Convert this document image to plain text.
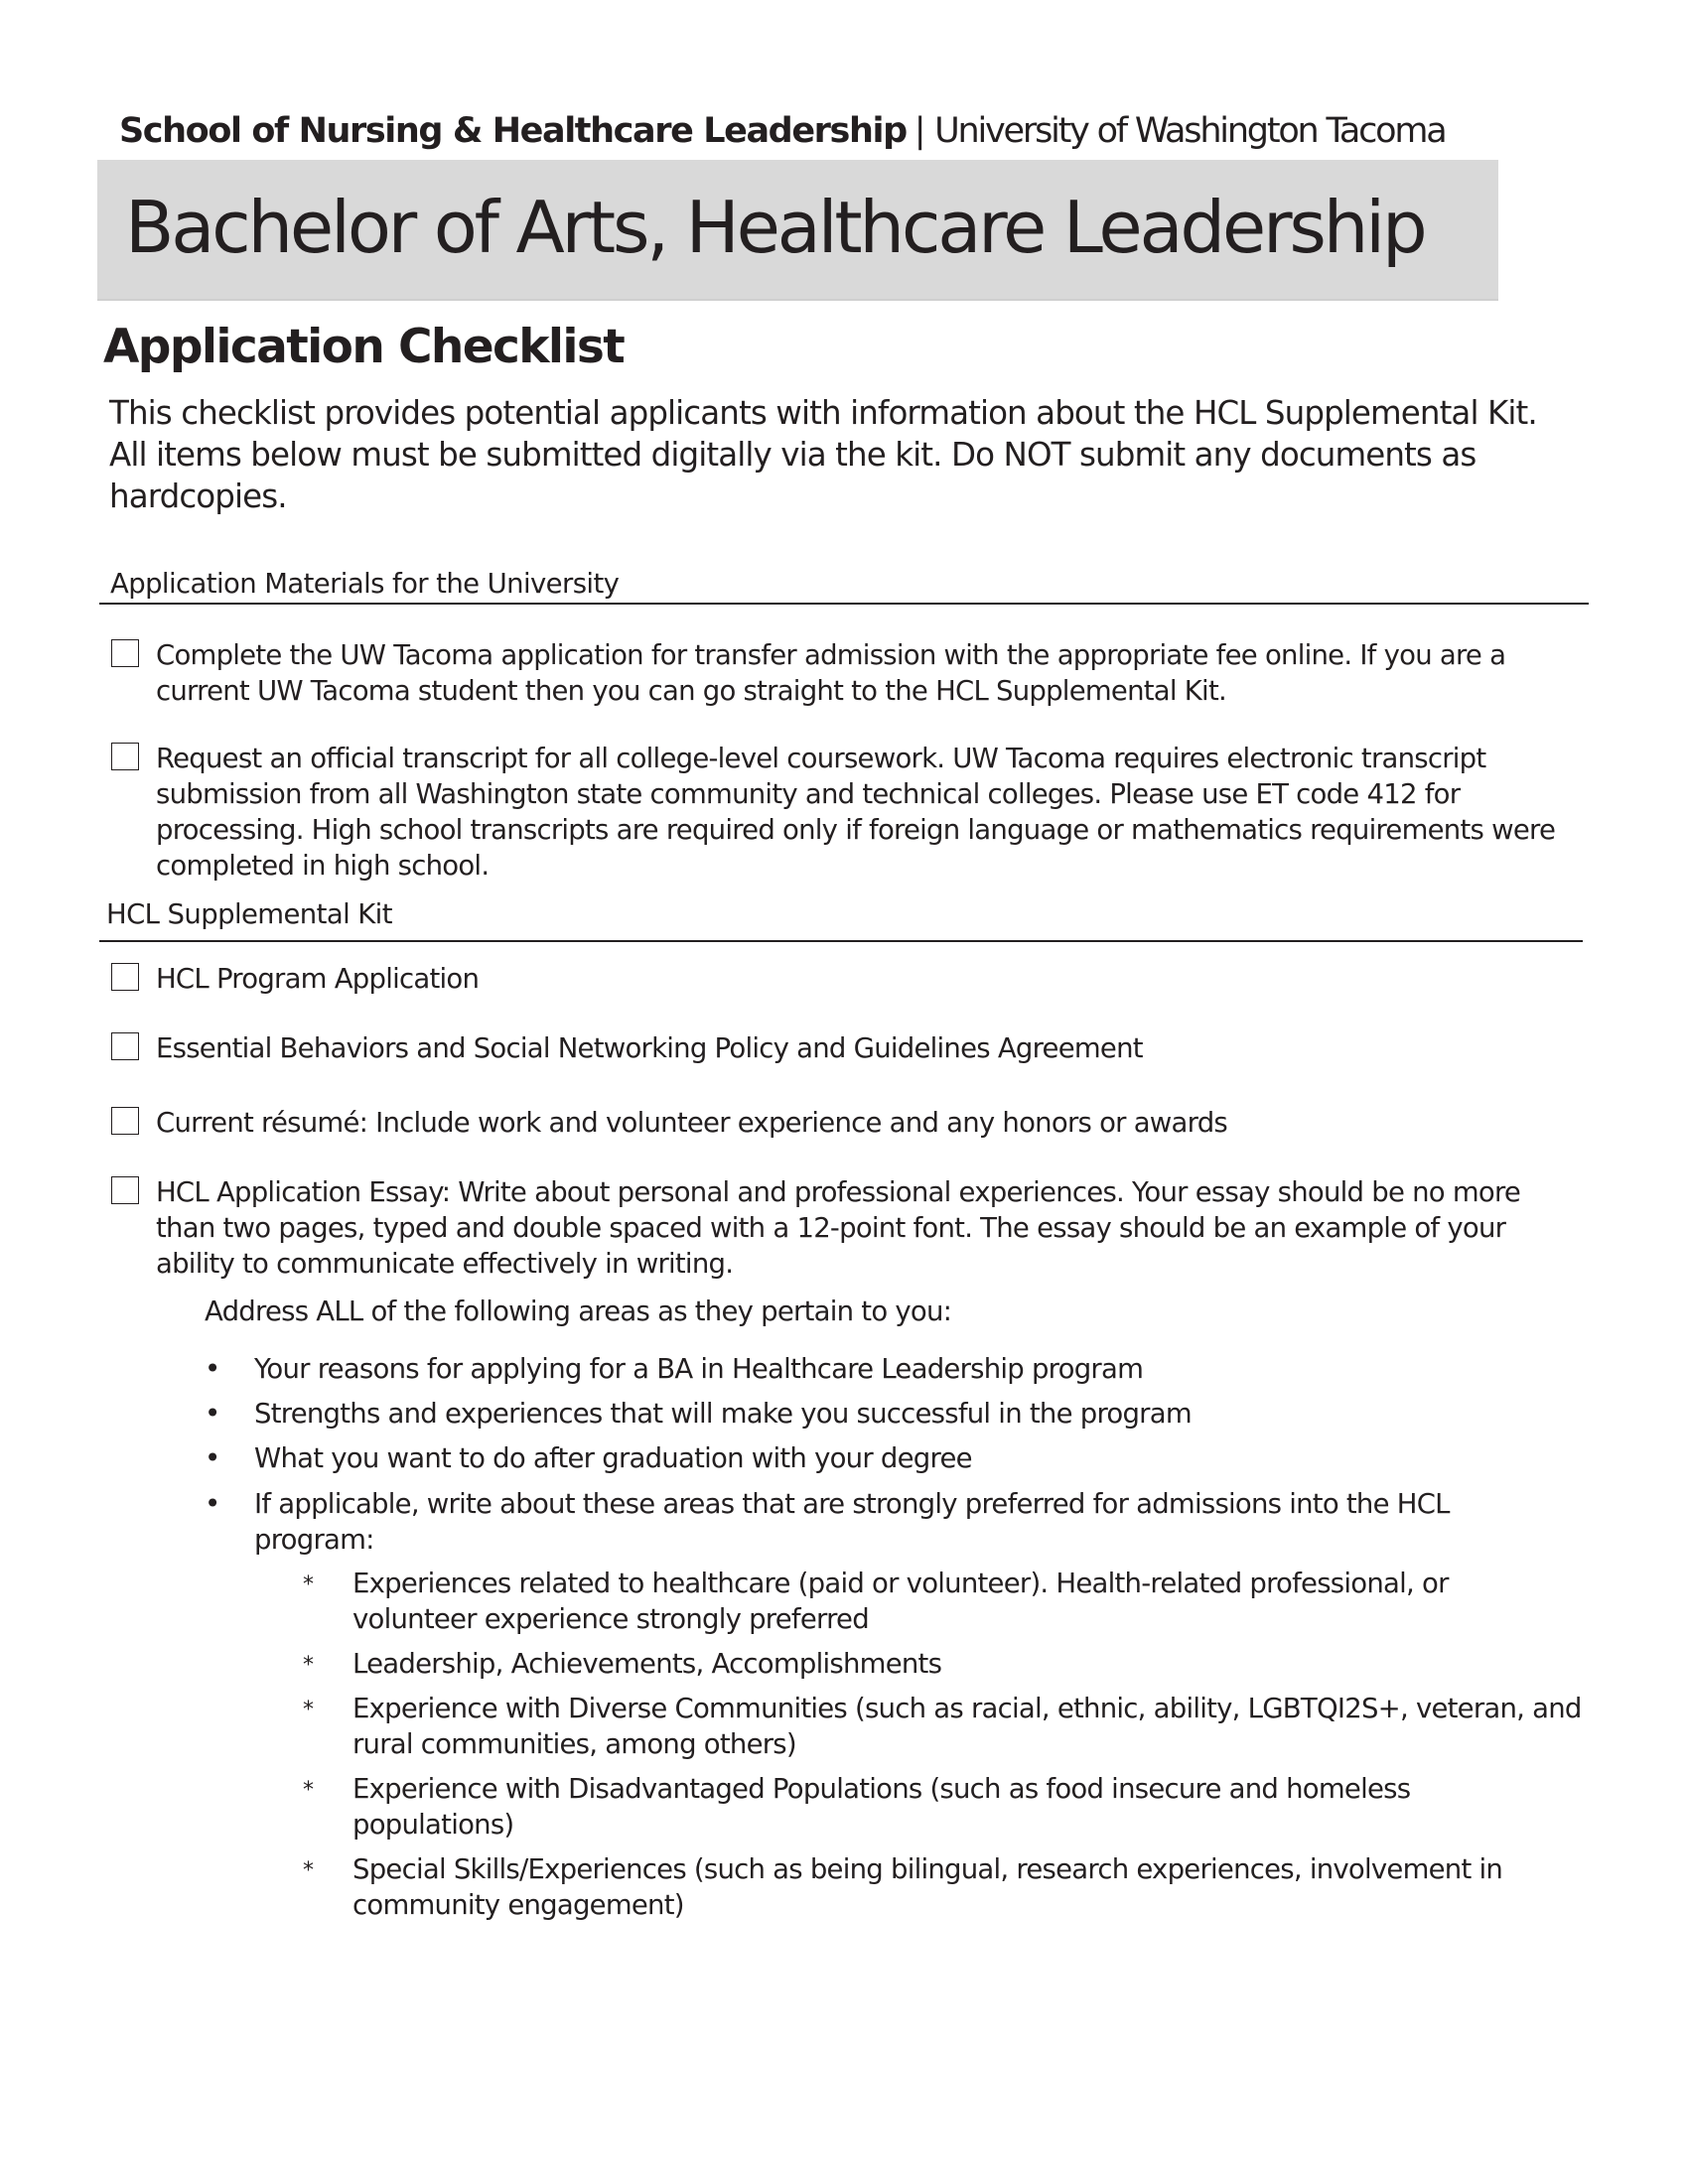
School of Nursing & Healthcare Leadership | University of Washington Tacoma
Bachelor of Arts, Healthcare Leadership
Application Checklist
This checklist provides potential applicants with information about the HCL Supplemental Kit.
All items below must be submitted digitally via the kit. Do NOT submit any documents as
hardcopies.
Application Materials for the University
Complete the UW Tacoma application for transfer admission with the appropriate fee online. If you are a
current UW Tacoma student then you can go straight to the HCL Supplemental Kit.
Request an official transcript for all college-level coursework. UW Tacoma requires electronic transcript
submission from all Washington state community and technical colleges. Please use ET code 412 for
processing. High school transcripts are required only if foreign language or mathematics requirements were
completed in high school.
HCL Supplemental Kit
HCL Program Application
Essential Behaviors and Social Networking Policy and Guidelines Agreement
Current résumé: Include work and volunteer experience and any honors or awards
HCL Application Essay: Write about personal and professional experiences. Your essay should be no more
than two pages, typed and double spaced with a 12-point font. The essay should be an example of your
ability to communicate effectively in writing.
Address ALL of the following areas as they pertain to you:
• Your reasons for applying for a BA in Healthcare Leadership program
• Strengths and experiences that will make you successful in the program
• What you want to do after graduation with your degree
• If applicable, write about these areas that are strongly preferred for admissions into the HCL
program:
* Experiences related to healthcare (paid or volunteer). Health-related professional, or
volunteer experience strongly preferred
* Leadership, Achievements, Accomplishments
* Experience with Diverse Communities (such as racial, ethnic, ability, LGBTQI2S+, veteran, and
rural communities, among others)
* Experience with Disadvantaged Populations (such as food insecure and homeless
populations)
* Special Skills/Experiences (such as being bilingual, research experiences, involvement in
community engagement)
